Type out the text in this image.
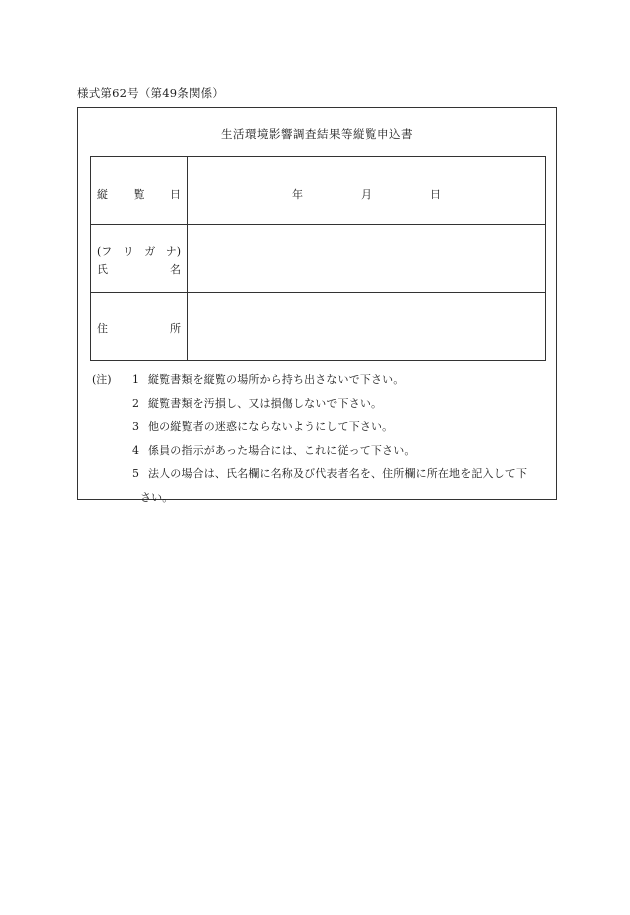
様式第62号（第49条関係）
生活環境影響調査結果等縦覧申込書
縦 覧 日	年	月	日
(フ リ ガ ナ)
氏	名
住	所
(注) 1 縦覧書類を縦覧の場所から持ち出さないで下さい。
2 縦覧書類を汚損し、又は損傷しないで下さい。
3 他の縦覧者の迷惑にならないようにして下さい。
4 係員の指示があった場合には、これに従って下さい。
5 法人の場合は、氏名欄に名称及び代表者名を、住所欄に所在地を記入して下
さい。
